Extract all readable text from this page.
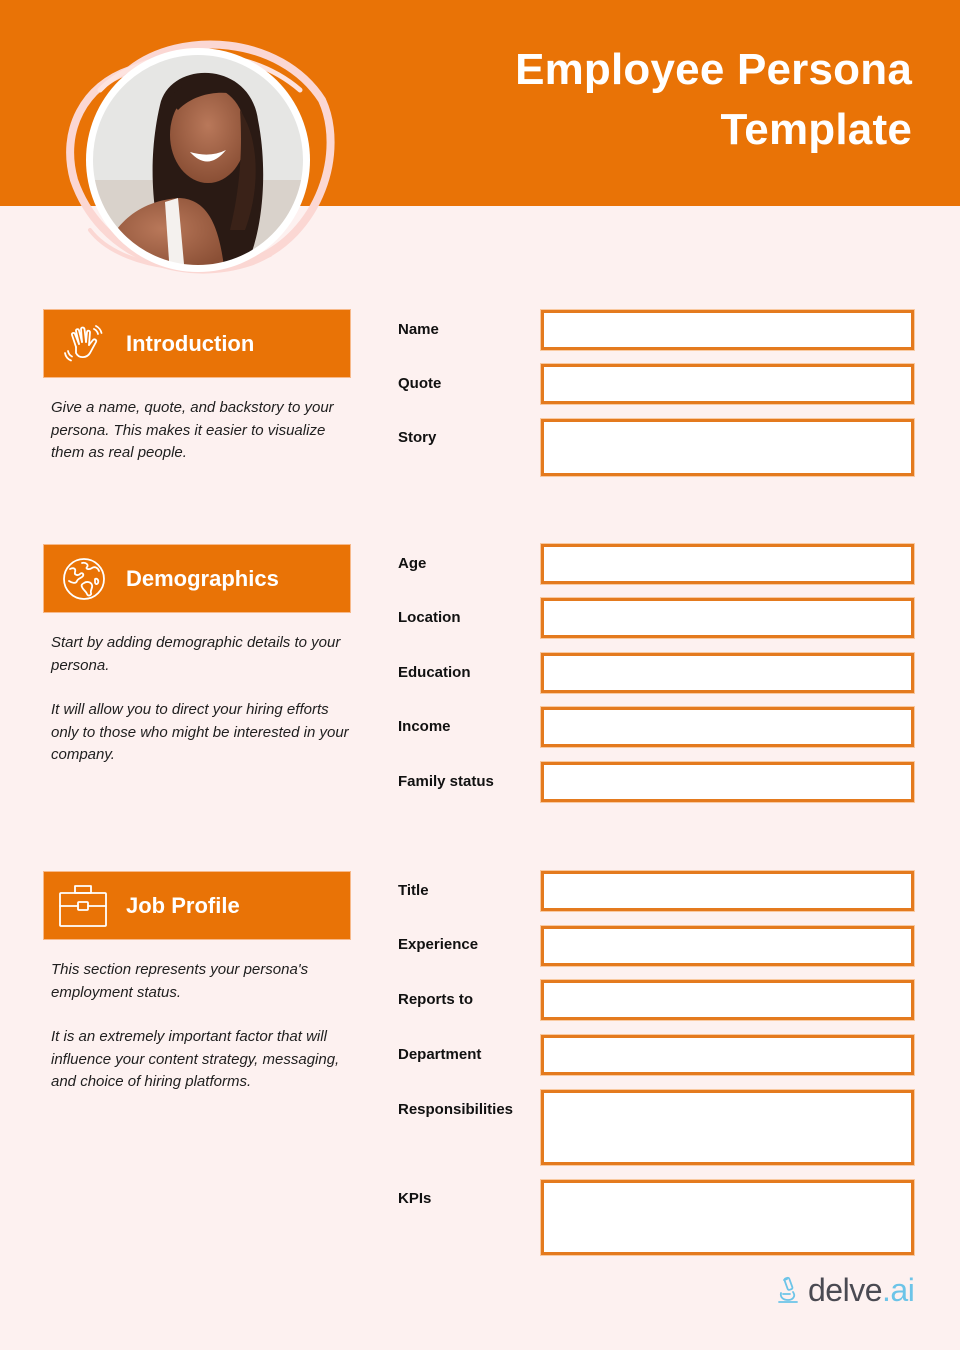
Employee Persona
Template
Introduction

Give a name, quote, and backstory to your persona. This makes it easier to visualize them as real people.

Name
Quote
Story
Demographics

Start by adding demographic details to your persona.

It will allow you to direct your hiring efforts only to those who might be interested in your company.

Age
Location
Education
Income
Family status
Job Profile

This section represents your persona's employment status.

It is an extremely important factor that will influence your content strategy, messaging, and choice of hiring platforms.

Title
Experience
Reports to
Department
Responsibilities
KPIs
delve .ai
